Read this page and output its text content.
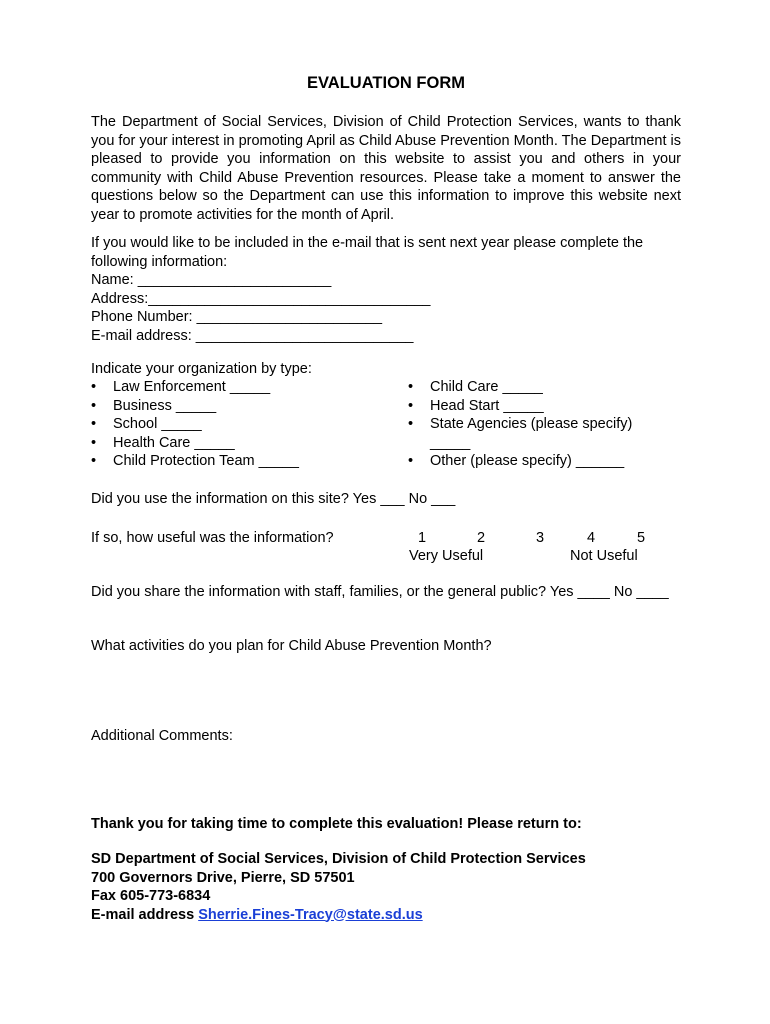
EVALUATION FORM

The Department of Social Services, Division of Child Protection Services, wants to thank you for your interest in promoting April as Child Abuse Prevention Month. The Department is pleased to provide you information on this website to assist you and others in your community with Child Abuse Prevention resources. Please take a moment to answer the questions below so the Department can use this information to improve this website next year to promote activities for the month of April.

If you would like to be included in the e-mail that is sent next year please complete the
following information:
Name: ________________________
Address:___________________________________
Phone Number: _______________________
E-mail address: ___________________________
Indicate your organization by type:
• Law Enforcement _____
• Business _____
• School _____
• Health Care _____
• Child Protection Team _____
• Child Care _____
• Head Start _____
• State Agencies (please specify)
_____
• Other (please specify) ______
Did you use the information on this site? Yes ___ No ___
If so, how useful was the information?	1	2	3	4	5
Very Useful	Not Useful
Did you share the information with staff, families, or the general public? Yes ____ No ____
What activities do you plan for Child Abuse Prevention Month?
Additional Comments:
Thank you for taking time to complete this evaluation! Please return to:
SD Department of Social Services, Division of Child Protection Services
700 Governors Drive, Pierre, SD 57501
Fax 605-773-6834
E-mail address Sherrie.Fines-Tracy@state.sd.us
